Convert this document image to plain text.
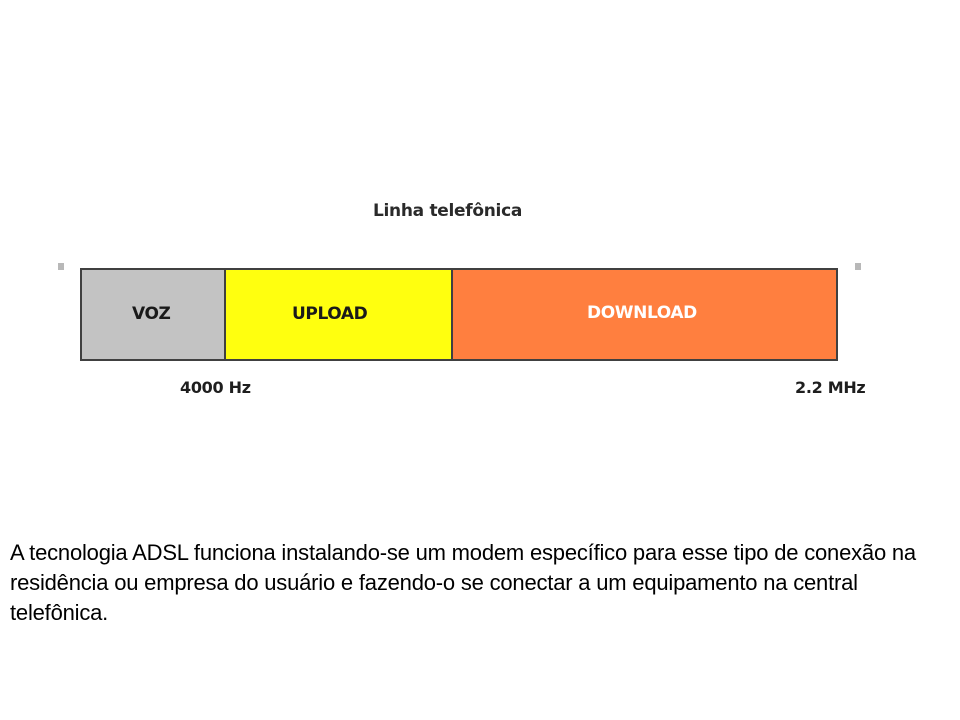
Linha telefônica
VOZ	UPLOAD	DOWNLOAD
4000 Hz	2.2 MHz
A tecnologia ADSL funciona instalando-se um modem específico para esse tipo de conexão na residência ou empresa do usuário e fazendo-o se conectar a um equipamento na central telefônica.
